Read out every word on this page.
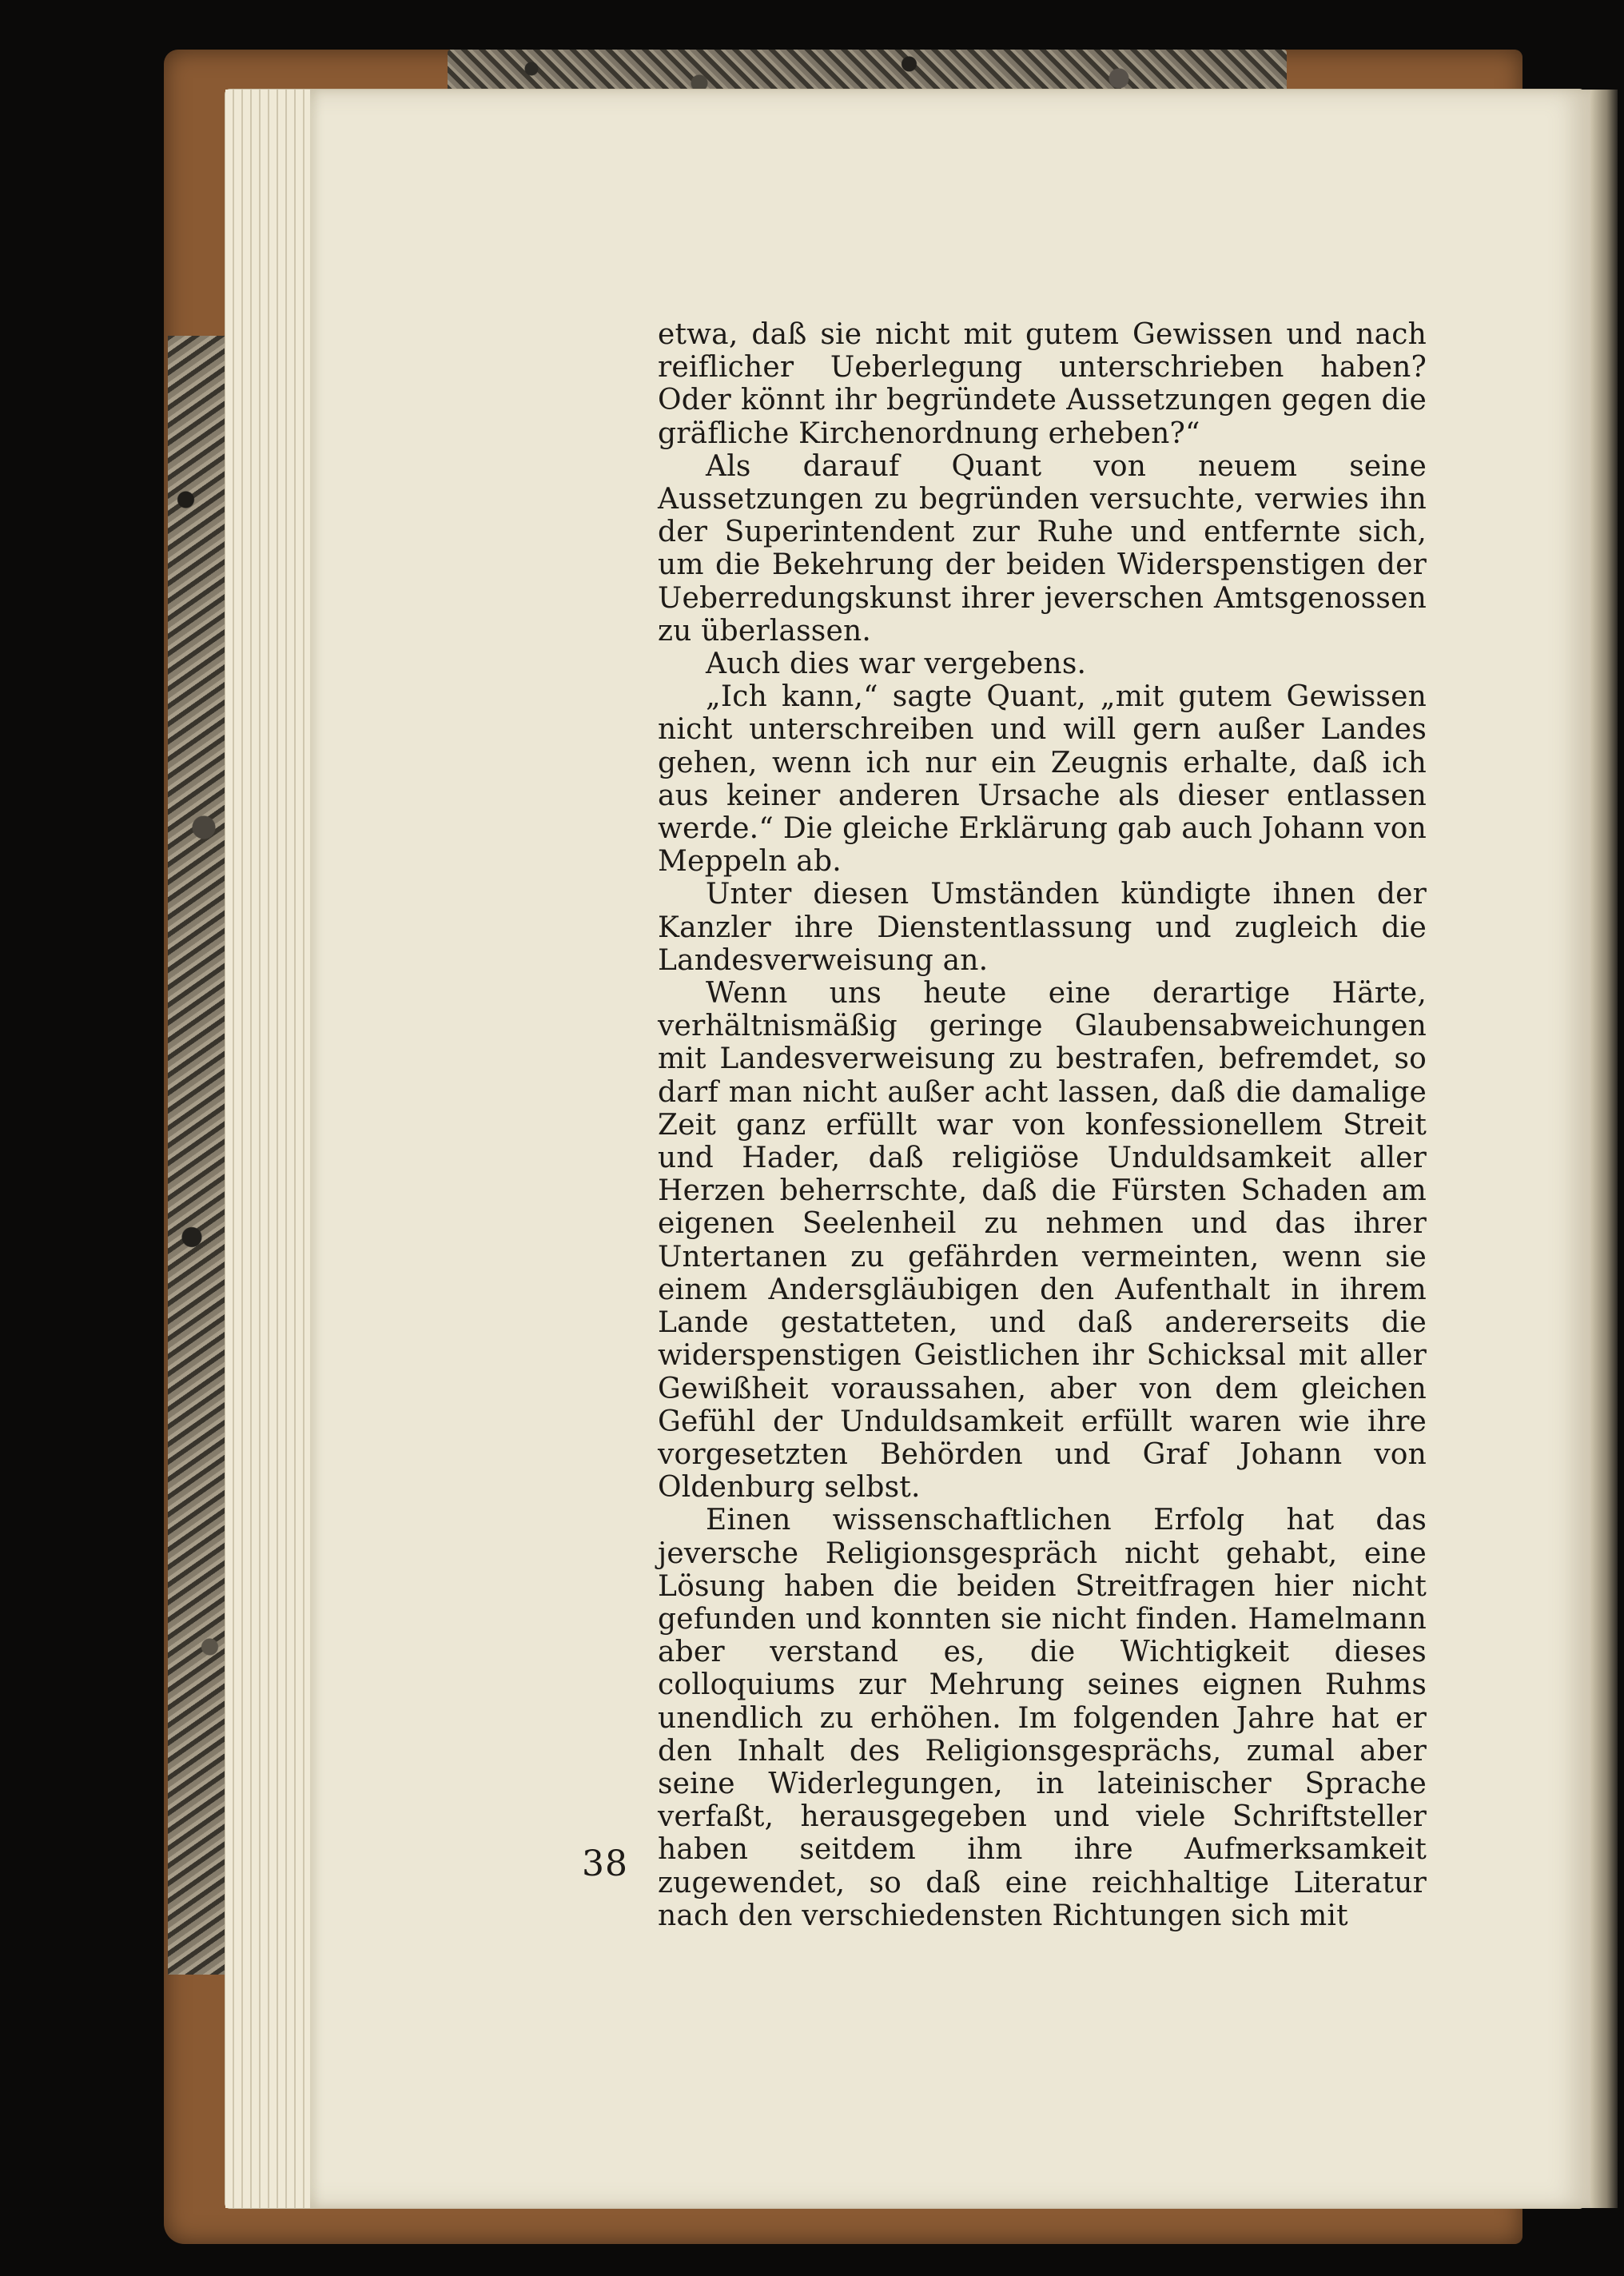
etwa, daß sie nicht mit gutem Gewissen und nach reiflicher Ueberlegung unterschrieben haben? Oder könnt ihr begründete Aussetzungen gegen die gräfliche Kirchenordnung erheben?“

Als darauf Quant von neuem seine Aussetzungen zu begründen versuchte, verwies ihn der Superintendent zur Ruhe und entfernte sich, um die Bekehrung der beiden Widerspenstigen der Ueberredungskunst ihrer jeverschen Amtsgenossen zu überlassen.

Auch dies war vergebens.

„Ich kann,“ sagte Quant, „mit gutem Gewissen nicht unterschreiben und will gern außer Landes gehen, wenn ich nur ein Zeugnis erhalte, daß ich aus keiner anderen Ursache als dieser entlassen werde.“ Die gleiche Erklärung gab auch Johann von Meppeln ab.

Unter diesen Umständen kündigte ihnen der Kanzler ihre Dienstentlassung und zugleich die Landesverweisung an.

Wenn uns heute eine derartige Härte, verhältnismäßig geringe Glaubensabweichungen mit Landesverweisung zu bestrafen, befremdet, so darf man nicht außer acht lassen, daß die damalige Zeit ganz erfüllt war von konfessionellem Streit und Hader, daß religiöse Unduldsamkeit aller Herzen beherrschte, daß die Fürsten Schaden am eigenen Seelenheil zu nehmen und das ihrer Untertanen zu gefährden vermeinten, wenn sie einem Andersgläubigen den Aufenthalt in ihrem Lande gestatteten, und daß andererseits die widerspenstigen Geistlichen ihr Schicksal mit aller Gewißheit voraussahen, aber von dem gleichen Gefühl der Unduldsamkeit erfüllt waren wie ihre vorgesetzten Behörden und Graf Johann von Oldenburg selbst.

Einen wissenschaftlichen Erfolg hat das jeversche Religionsgespräch nicht gehabt, eine Lösung haben die beiden Streitfragen hier nicht gefunden und konnten sie nicht finden. Hamelmann aber verstand es, die Wichtigkeit dieses colloquiums zur Mehrung seines eignen Ruhms unendlich zu erhöhen. Im folgenden Jahre hat er den Inhalt des Religionsgesprächs, zumal aber seine Widerlegungen, in lateinischer Sprache verfaßt, herausgegeben und viele Schriftsteller haben seitdem ihm ihre Aufmerksamkeit zugewendet, so daß eine reichhaltige Literatur nach den verschiedensten Richtungen sich mit

38
